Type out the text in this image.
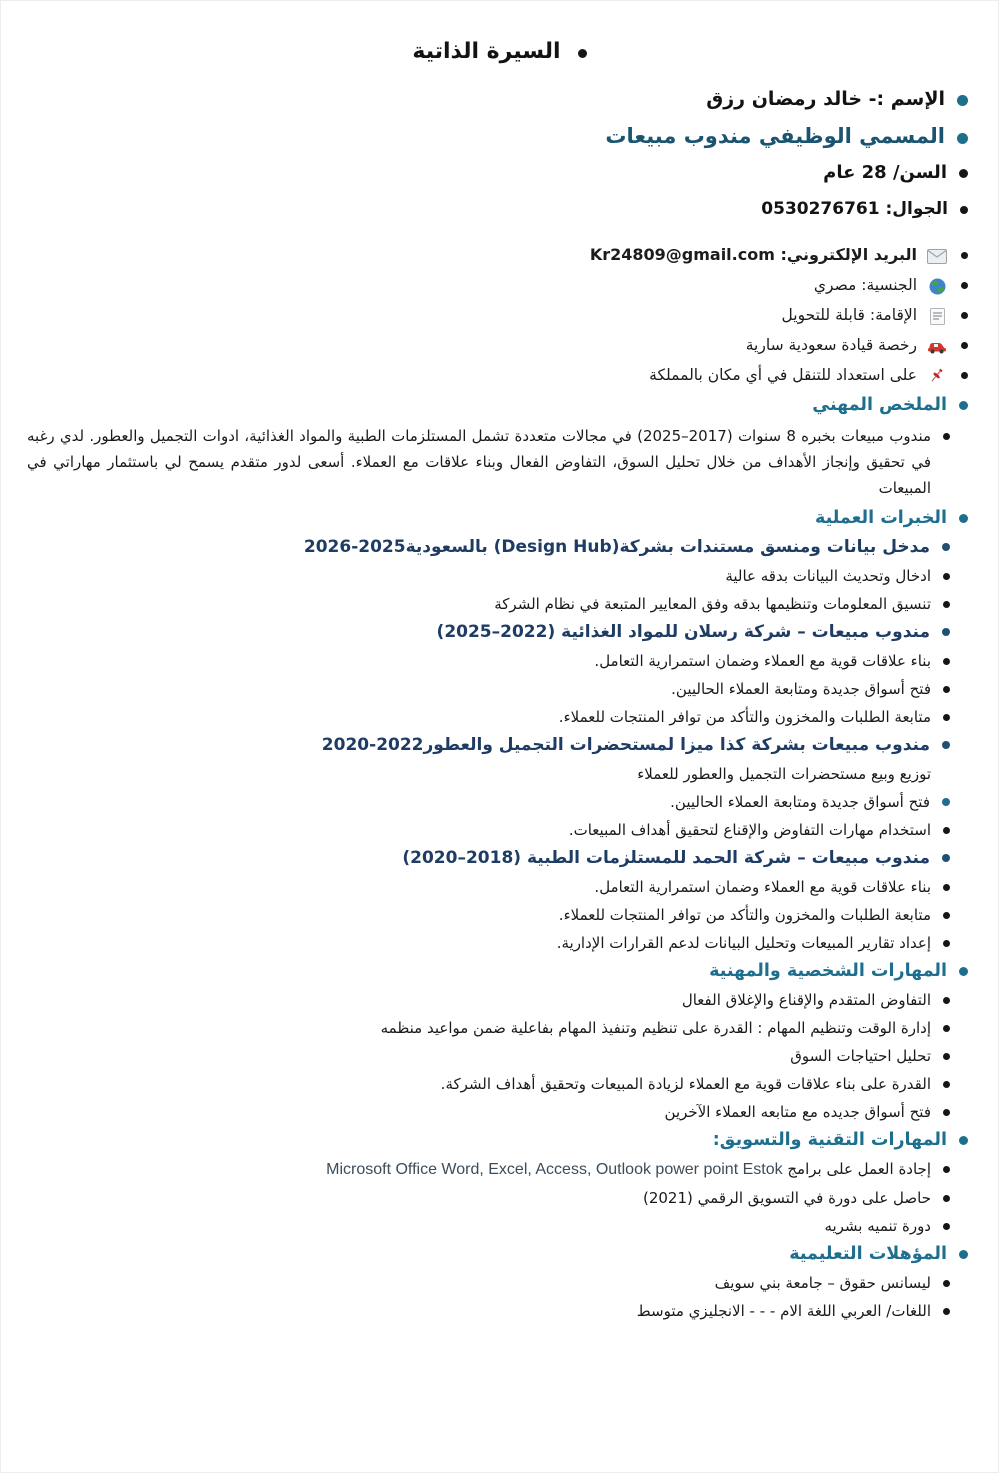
السيرة الذاتية
الإسم :- خالد رمضان رزق
المسمي الوظيفي مندوب مبيعات
السن/ 28 عام
الجوال: 0530276761
البريد الإلكتروني: Kr24809@gmail.com
الجنسية: مصري
الإقامة: قابلة للتحويل
رخصة قيادة سعودية سارية
على استعداد للتنقل في أي مكان بالمملكة
الملخص المهني
مندوب مبيعات بخبره 8 سنوات (2017–2025) في مجالات متعددة تشمل المستلزمات الطبية والمواد الغذائية، ادوات التجميل والعطور. لدي رغبه في تحقيق وإنجاز الأهداف من خلال تحليل السوق، التفاوض الفعال وبناء علاقات مع العملاء. أسعى لدور متقدم يسمح لي باستثمار مهاراتي في المبيعات
الخبرات العملية
مدخل بيانات ومنسق مستندات بشركة(Design Hub) بالسعودية2025-2026
ادخال وتحديث البيانات بدقه عالية
تنسيق المعلومات وتنظيمها بدقه وفق المعايير المتبعة في نظام الشركة
مندوب مبيعات – شركة رسلان للمواد الغذائية (2022–2025)
بناء علاقات قوية مع العملاء وضمان استمرارية التعامل.
فتح أسواق جديدة ومتابعة العملاء الحاليين.
متابعة الطلبات والمخزون والتأكد من توافر المنتجات للعملاء.
مندوب مبيعات بشركة كذا ميزا لمستحضرات التجميل والعطور2022-2020
توزيع وبيع مستحضرات التجميل والعطور للعملاء
فتح أسواق جديدة ومتابعة العملاء الحاليين.
استخدام مهارات التفاوض والإقناع لتحقيق أهداف المبيعات.
مندوب مبيعات – شركة الحمد للمستلزمات الطبية (2018–2020)
بناء علاقات قوية مع العملاء وضمان استمرارية التعامل.
متابعة الطلبات والمخزون والتأكد من توافر المنتجات للعملاء.
إعداد تقارير المبيعات وتحليل البيانات لدعم القرارات الإدارية.
المهارات الشخصية والمهنية
التفاوض المتقدم والإقناع والإغلاق الفعال
إدارة الوقت وتنظيم المهام : القدرة على تنظيم وتنفيذ المهام بفاعلية ضمن مواعيد منظمه
تحليل احتياجات السوق
القدرة على بناء علاقات قوية مع العملاء لزيادة المبيعات وتحقيق أهداف الشركة.
فتح أسواق جديده مع متابعه العملاء الآخرين
المهارات التقنية والتسويق:
إجادة العمل على برامج Microsoft Office Word, Excel, Access, Outlook power point Estok
حاصل على دورة في التسويق الرقمي (2021)
دورة تنميه بشريه
المؤهلات التعليمية
ليسانس حقوق – جامعة بني سويف
اللغات/ العربي اللغة الام - - - الانجليزي متوسط
